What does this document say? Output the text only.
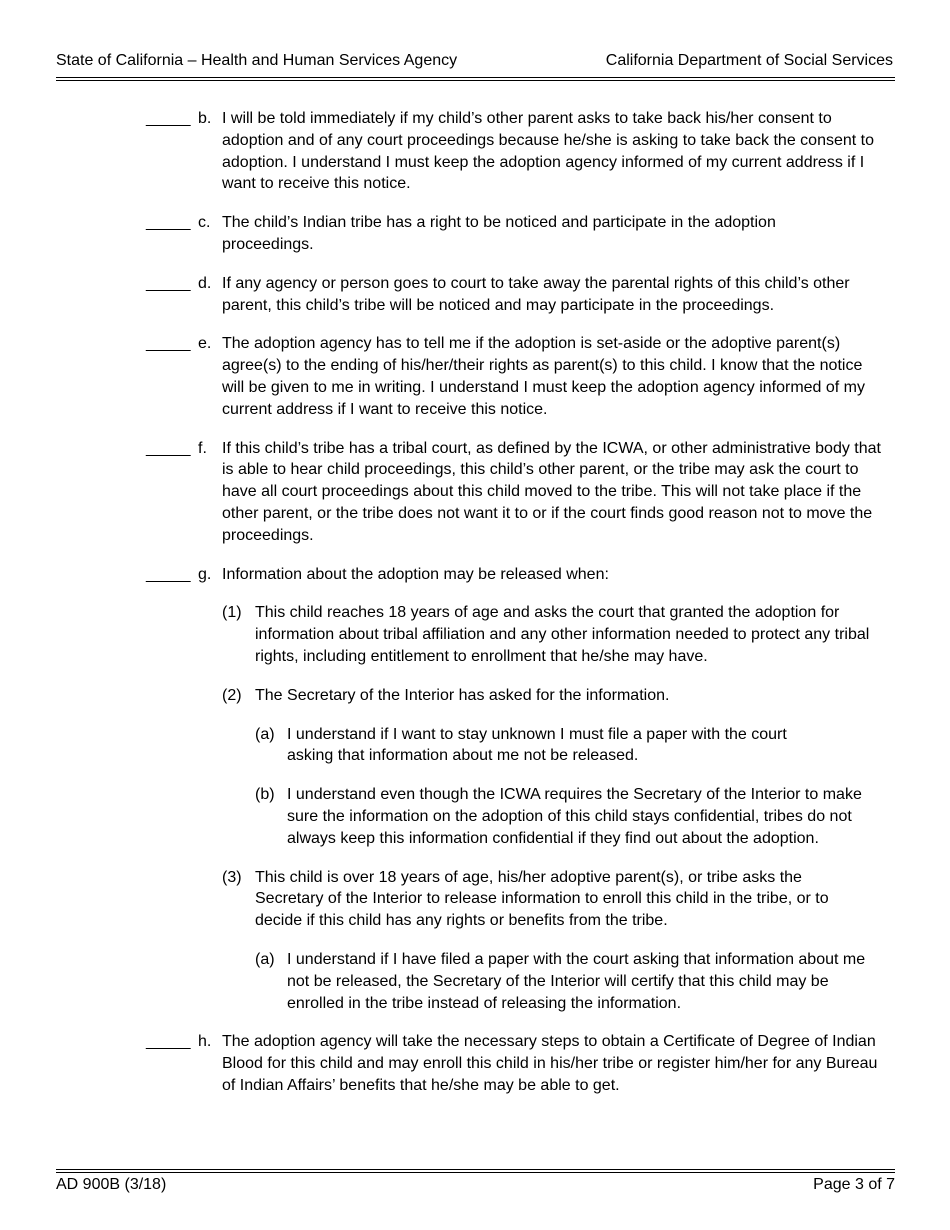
State of California – Health and Human Services Agency	California Department of Social Services
_____ b. I will be told immediately if my child’s other parent asks to take back his/her consent to adoption and of any court proceedings because he/she is asking to take back the consent to adoption. I understand I must keep the adoption agency informed of my current address if I want to receive this notice.
_____ c. The child’s Indian tribe has a right to be noticed and participate in the adoption proceedings.
_____ d. If any agency or person goes to court to take away the parental rights of this child’s other parent, this child’s tribe will be noticed and may participate in the proceedings.
_____ e. The adoption agency has to tell me if the adoption is set-aside or the adoptive parent(s) agree(s) to the ending of his/her/their rights as parent(s) to this child. I know that the notice will be given to me in writing. I understand I must keep the adoption agency informed of my current address if I want to receive this notice.
_____ f. If this child’s tribe has a tribal court, as defined by the ICWA, or other administrative body that is able to hear child proceedings, this child’s other parent, or the tribe may ask the court to have all court proceedings about this child moved to the tribe. This will not take place if the other parent, or the tribe does not want it to or if the court finds good reason not to move the proceedings.
_____ g. Information about the adoption may be released when:
(1) This child reaches 18 years of age and asks the court that granted the adoption for information about tribal affiliation and any other information needed to protect any tribal rights, including entitlement to enrollment that he/she may have.
(2) The Secretary of the Interior has asked for the information.
(a) I understand if I want to stay unknown I must file a paper with the court asking that information about me not be released.
(b) I understand even though the ICWA requires the Secretary of the Interior to make sure the information on the adoption of this child stays confidential, tribes do not always keep this information confidential if they find out about the adoption.
(3) This child is over 18 years of age, his/her adoptive parent(s), or tribe asks the Secretary of the Interior to release information to enroll this child in the tribe, or to decide if this child has any rights or benefits from the tribe.
(a) I understand if I have filed a paper with the court asking that information about me not be released, the Secretary of the Interior will certify that this child may be enrolled in the tribe instead of releasing the information.
_____ h. The adoption agency will take the necessary steps to obtain a Certificate of Degree of Indian Blood for this child and may enroll this child in his/her tribe or register him/her for any Bureau of Indian Affairs’ benefits that he/she may be able to get.
AD 900B (3/18)	Page 3 of 7
